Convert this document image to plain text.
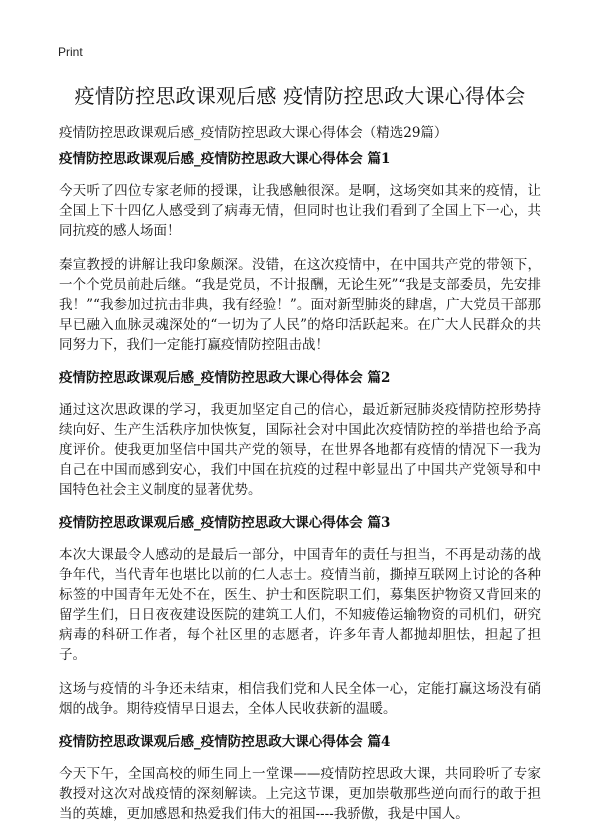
Print
疫情防控思政课观后感 疫情防控思政大课心得体会

疫情防控思政课观后感_疫情防控思政大课心得体会（精选29篇）

疫情防控思政课观后感_疫情防控思政大课心得体会 篇1

今天听了四位专家老师的授课，让我感触很深。是啊，这场突如其来的疫情，让全国上下十四亿人感受到了病毒无情，但同时也让我们看到了全国上下一心，共同抗疫的感人场面！

秦宣教授的讲解让我印象颇深。没错，在这次疫情中，在中国共产党的带领下，一个个党员前赴后继。“我是党员，不计报酬，无论生死”“我是支部委员，先安排我！”“我参加过抗击非典，我有经验！”。面对新型肺炎的肆虐，广大党员干部那早已融入血脉灵魂深处的“一切为了人民”的烙印活跃起来。在广大人民群众的共同努力下，我们一定能打赢疫情防控阻击战！

疫情防控思政课观后感_疫情防控思政大课心得体会 篇2

通过这次思政课的学习，我更加坚定自己的信心，最近新冠肺炎疫情防控形势持续向好、生产生活秩序加快恢复，国际社会对中国此次疫情防控的举措也给予高度评价。使我更加坚信中国共产党的领导，在世界各地都有疫情的情况下一我为自己在中国而感到安心，我们中国在抗疫的过程中彰显出了中国共产党领导和中国特色社会主义制度的显著优势。

疫情防控思政课观后感_疫情防控思政大课心得体会 篇3

本次大课最令人感动的是最后一部分，中国青年的责任与担当，不再是动荡的战争年代，当代青年也堪比以前的仁人志士。疫情当前，撕掉互联网上讨论的各种标签的中国青年无处不在，医生、护士和医院职工们，募集医护物资又背回来的留学生们，日日夜夜建设医院的建筑工人们，不知疲倦运输物资的司机们，研究病毒的科研工作者，每个社区里的志愿者，许多年青人都抛却胆怯，担起了担子。

这场与疫情的斗争还未结束，相信我们党和人民全体一心，定能打赢这场没有硝烟的战争。期待疫情早日退去，全体人民收获新的温暖。

疫情防控思政课观后感_疫情防控思政大课心得体会 篇4

今天下午，全国高校的师生同上一堂课——疫情防控思政大课，共同聆听了专家教授对这次对战疫情的深刻解读。上完这节课，更加崇敬那些逆向而行的敢于担当的英雄，更加感恩和热爱我们伟大的祖国----我骄傲，我是中国人。
